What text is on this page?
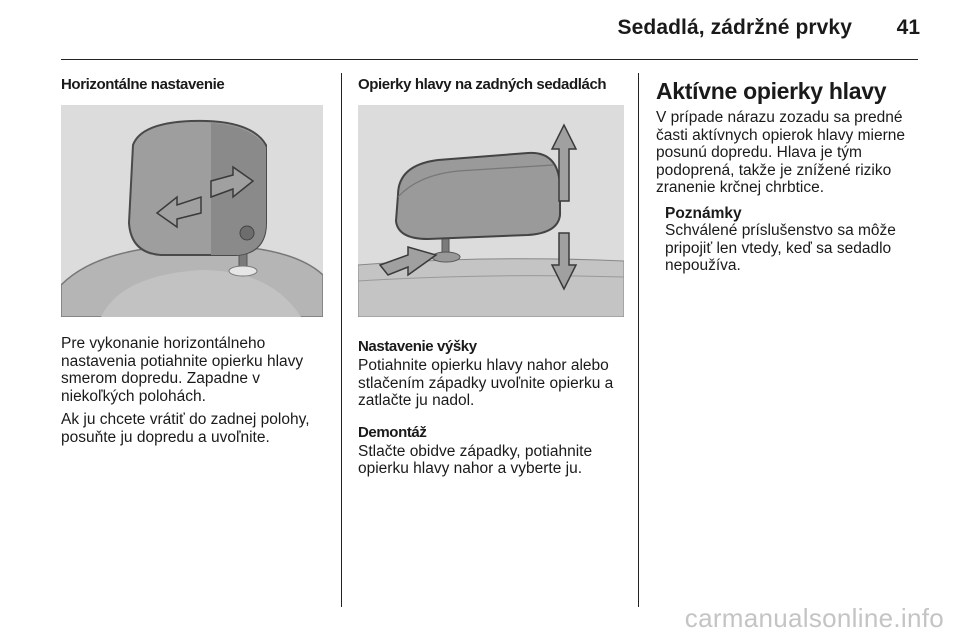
Sedadlá, zádržné prvky 41
Horizontálne nastavenie

Pre vykonanie horizontálneho nastavenia potiahnite opierku hlavy smerom dopredu. Zapadne v niekoľkých polohách.

Ak ju chcete vrátiť do zadnej polohy, posuňte ju dopredu a uvoľnite.

Opierky hlavy na zadných sedadlách
Nastavenie výšky

Potiahnite opierku hlavy nahor alebo stlačením západky uvoľnite opierku a zatlačte ju nadol.

Demontáž

Stlačte obidve západky, potiahnite opierku hlavy nahor a vyberte ju.

Aktívne opierky hlavy

V prípade nárazu zozadu sa predné časti aktívnych opierok hlavy mierne posunú dopredu. Hlava je tým podoprená, takže je znížené riziko zranenie krčnej chrbtice.

Poznámky

Schválené príslušenstvo sa môže pripojiť len vtedy, keď sa sedadlo nepoužíva.

carmanualsonline.info
